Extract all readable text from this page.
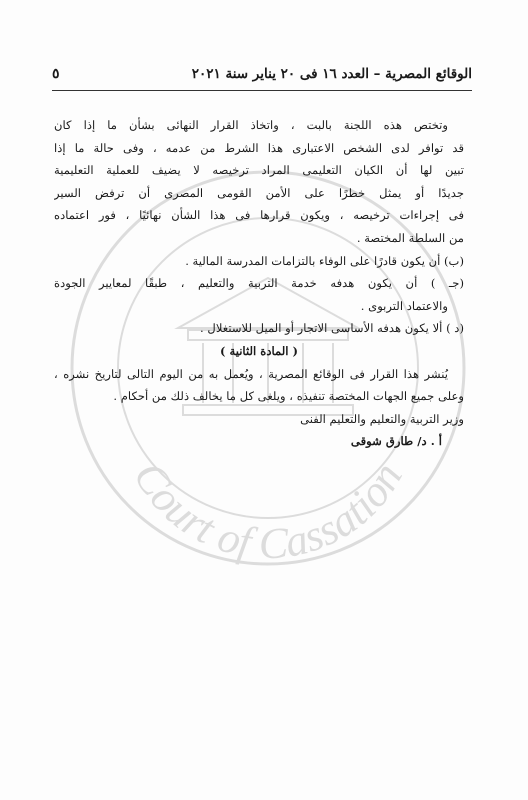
Court of Cassation
الوقائع المصرية – العدد ١٦ فى ٢٠ يناير سنة ٢٠٢١
٥
وتختص هذه اللجنة بالبت ، واتخاذ القرار النهائى بشأن ما إذا كان
قد توافر لدى الشخص الاعتبارى هذا الشرط من عدمه ، وفى حالة ما إذا
تبين لها أن الكيان التعليمى المراد ترخيصه لا يضيف للعملية التعليمية
جديدًا أو يمثل خطرًا على الأمن القومى المصرى أن ترفض السير
فى إجراءات ترخيصه ، ويكون قرارها فى هذا الشأن نهائيًا ، فور اعتماده
من السلطة المختصة .
(ب) أن يكون قادرًا على الوفاء بالتزامات المدرسة المالية .
(جـ ) أن يكون هدفه خدمة التربية والتعليم ، طبقًا لمعايير الجودة
والاعتماد التربوى .
(د ) ألا يكون هدفه الأساسى الاتجار أو الميل للاستغلال .
( المادة الثانية )
يُنشر هذا القرار فى الوقائع المصرية ، ويُعمل به من اليوم التالى لتاريخ نشره ،
وعلى جميع الجهات المختصة تنفيذه ، ويلغى كل ما يخالف ذلك من أحكام .
وزير التربية والتعليم والتعليم الفنى
أ . د/ طارق شوقى
